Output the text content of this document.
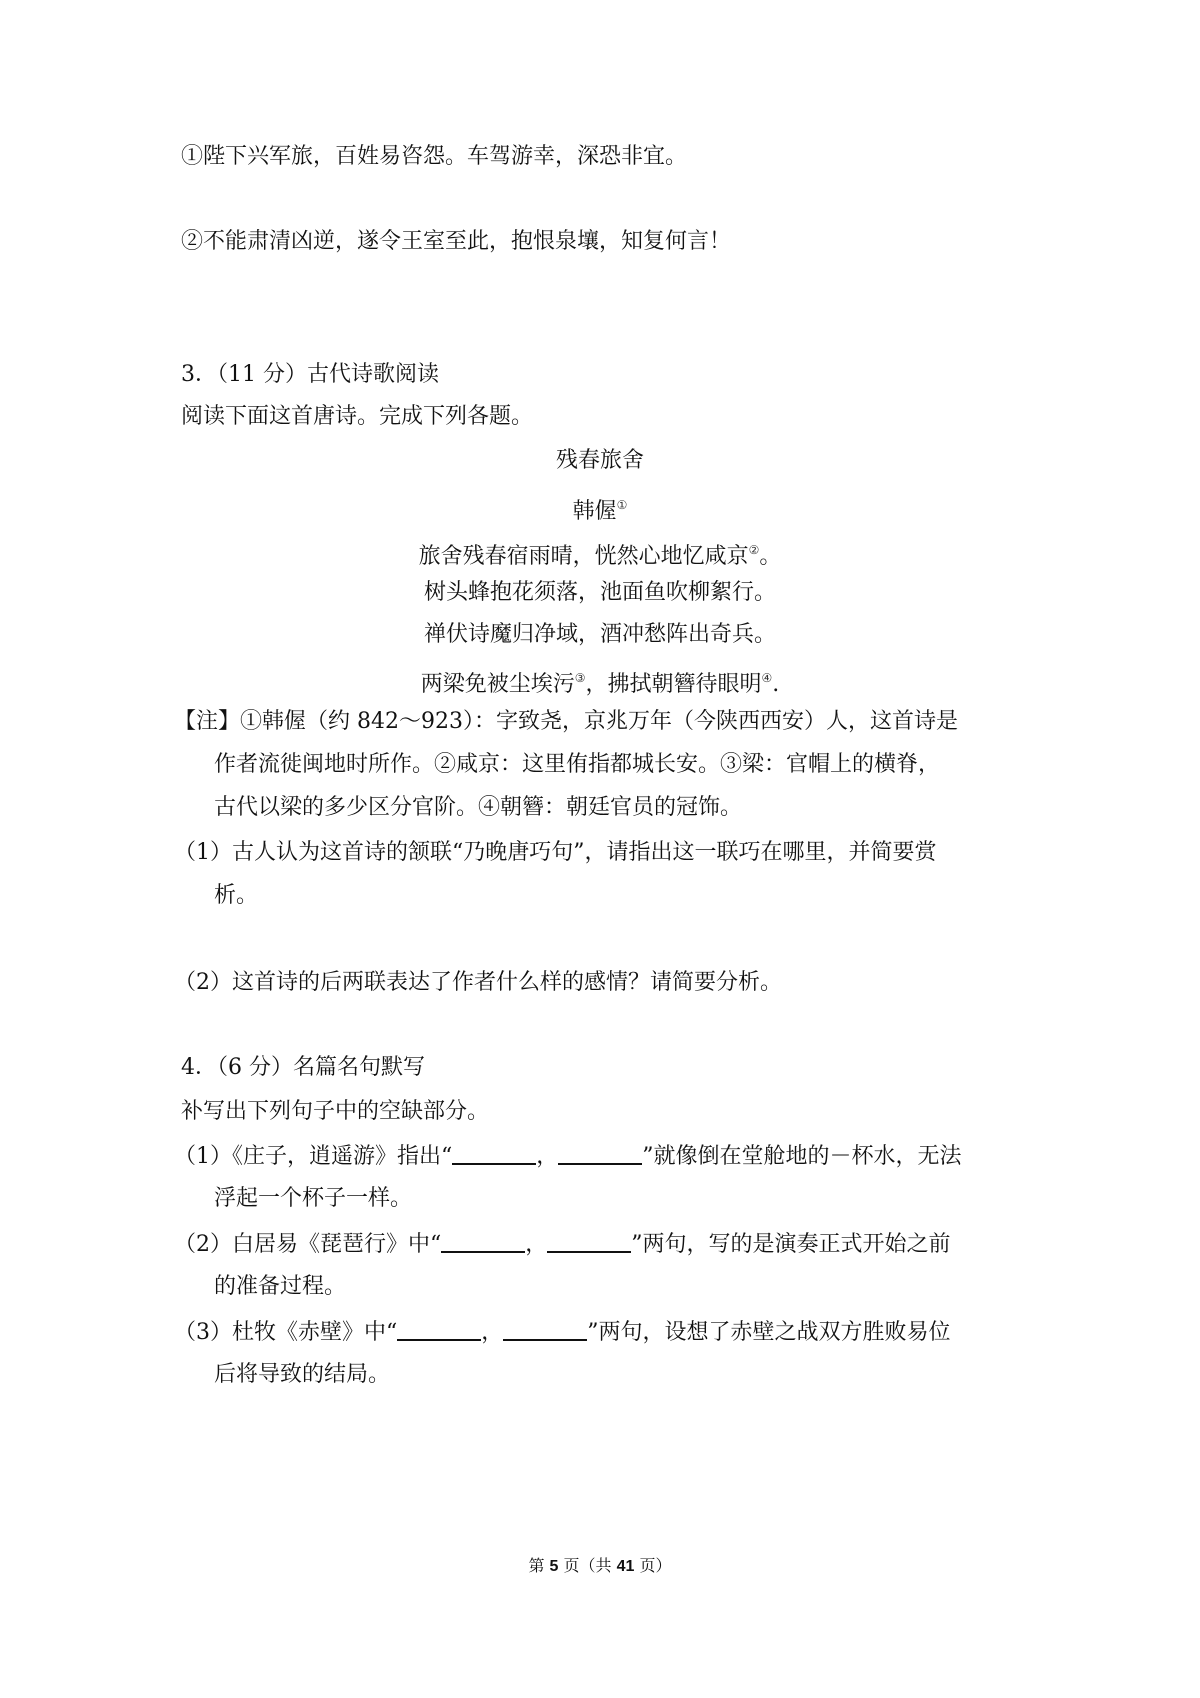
①陛下兴军旅，百姓易咨怨。车驾游幸，深恐非宜。
②不能肃清凶逆，遂令王室至此，抱恨泉壤，知复何言！
3．（11 分）古代诗歌阅读
阅读下面这首唐诗。完成下列各题。
残春旅舍
韩偓①
旅舍残春宿雨晴，恍然心地忆咸京②。
树头蜂抱花须落，池面鱼吹柳絮行。
禅伏诗魔归净域，酒冲愁阵出奇兵。
两梁免被尘埃污③，拂拭朝簪待眼明④.
【注】①韩偓（约 842～923）：字致尧，京兆万年（今陕西西安）人，这首诗是
作者流徙闽地时所作。②咸京：这里侑指都城长安。③梁：官帽上的横脊，
古代以梁的多少区分官阶。④朝簪：朝廷官员的冠饰。
（1）古人认为这首诗的颔联“乃晚唐巧句”，请指出这一联巧在哪里，并简要赏
析。
（2）这首诗的后两联表达了作者什么样的感情？请简要分析。
4．（6 分）名篇名句默写
补写出下列句子中的空缺部分。
（1）《庄子，逍遥游》指出“	，	”就像倒在堂舱地的－杯水，无法
浮起一个杯子一样。
（2）白居易《琵琶行》中“	，	”两句，写的是演奏正式开始之前
的准备过程。
（3）杜牧《赤壁》中“	，	”两句，设想了赤壁之战双方胜败易位
后将导致的结局。
第 5 页（共 41 页）
